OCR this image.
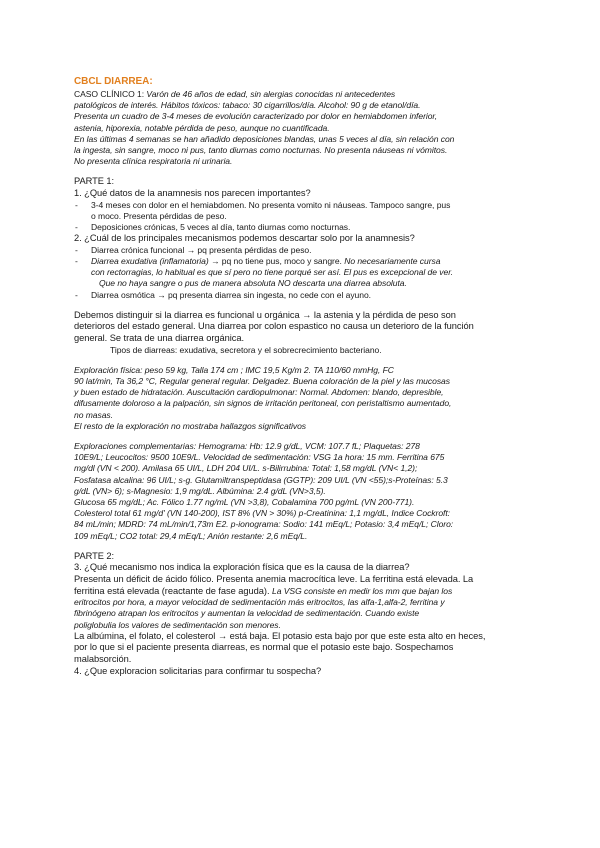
CBCL DIARREA:
CASO CLÍNICO 1: Varón de 46 años de edad, sin alergias conocidas ni antecedentes
patológicos de interés. Hábitos tóxicos: tabaco: 30 cigarrillos/día. Alcohol: 90 g de etanol/día.
Presenta un cuadro de 3-4 meses de evolución caracterizado por dolor en hemiabdomen inferior,
astenia, hiporexia, notable pérdida de peso, aunque no cuantificada.
En las últimas 4 semanas se han añadido deposiciones blandas, unas 5 veces al día, sin relación con
la ingesta, sin sangre, moco ni pus, tanto diurnas como nocturnas. No presenta náuseas ni vómitos.
No presenta clínica respiratoria ni urinaria.
PARTE 1:
1. ¿Qué datos de la anamnesis nos parecen importantes?
- 3-4 meses con dolor en el hemiabdomen. No presenta vomito ni náuseas. Tampoco sangre, pus
o moco. Presenta pérdidas de peso.
- Deposiciones crónicas, 5 veces al día, tanto diurnas como nocturnas.
2. ¿Cuál de los principales mecanismos podemos descartar solo por la anamnesis?
- Diarrea crónica funcional → pq presenta pérdidas de peso.
- Diarrea exudativa (inflamatoria) → pq no tiene pus, moco y sangre. No necesariamente cursa
con rectorragias, lo habitual es que sí pero no tiene porqué ser así. El pus es excepcional de ver.
Que no haya sangre o pus de manera absoluta NO descarta una diarrea absoluta.
- Diarrea osmótica → pq presenta diarrea sin ingesta, no cede con el ayuno.
Debemos distinguir si la diarrea es funcional u orgánica → la astenia y la pérdida de peso son
deterioros del estado general. Una diarrea por colon espastico no causa un deterioro de la función
general. Se trata de una diarrea orgánica.
Tipos de diarreas: exudativa, secretora y el sobrecrecimiento bacteriano.
Exploración física: peso 59 kg, Talla 174 cm ; IMC 19,5 Kg/m 2. TA 110/60 mmHg, FC
90 lat/min, Ta 36,2 °C, Regular general regular. Delgadez. Buena coloración de la piel y las mucosas
y buen estado de hidratación. Auscultación cardiopulmonar: Normal. Abdomen: blando, depresible,
difusamente doloroso a la palpación, sin signos de irritación peritoneal, con peristaltismo aumentado,
no masas.
El resto de la exploración no mostraba hallazgos significativos
Exploraciones complementarias: Hemograma: Hb: 12.9 g/dL, VCM: 107.7 fL; Plaquetas: 278
10E9/L; Leucocitos: 9500 10E9/L. Velocidad de sedimentación: VSG 1a hora: 15 mm. Ferritina 675
mg/dl (VN < 200). Amilasa 65 UI/L, LDH 204 UI/L. s-Bilirrubina: Total: 1,58 mg/dL (VN< 1,2);
Fosfatasa alcalina: 96 UI/L; s-g. Glutamiltranspeptidasa (GGTP): 209 UI/L (VN <55);s-Proteínas: 5.3
g/dL (VN> 6); s-Magnesio: 1,9 mg/dL. Albúmina: 2.4 g/dL (VN>3,5).
Glucosa 65 mg/dL; Ac. Fólico 1.77 ng/mL (VN >3,8), Cobalamina 700 pg/mL (VN 200-771).
Colesterol total 61 mg/d' (VN 140-200), IST 8% (VN > 30%) p-Creatinina: 1,1 mg/dL, Indice Cockroft:
84 mL/min; MDRD: 74 mL/min/1,73m E2. p-ionograma: Sodio: 141 mEq/L; Potasio: 3,4 mEq/L; Cloro:
109 mEq/L; CO2 total: 29,4 mEq/L; Anión restante: 2,6 mEq/L.
PARTE 2:
3. ¿Qué mecanismo nos indica la exploración física que es la causa de la diarrea?
Presenta un déficit de ácido fólico. Presenta anemia macrocítica leve. La ferritina está elevada. La
ferritina está elevada (reactante de fase aguda). La VSG consiste en medir los mm que bajan los
eritrocitos por hora, a mayor velocidad de sedimentación más eritrocitos, las alfa-1,alfa-2, ferritina y
fibrinógeno atrapan los eritrocitos y aumentan la velocidad de sedimentación. Cuando existe
poliglobulia los valores de sedimentación son menores.
La albúmina, el folato, el colesterol → está baja. El potasio esta bajo por que este esta alto en heces,
por lo que si el paciente presenta diarreas, es normal que el potasio este bajo. Sospechamos
malabsorción.
4. ¿Que exploracion solicitarias para confirmar tu sospecha?
